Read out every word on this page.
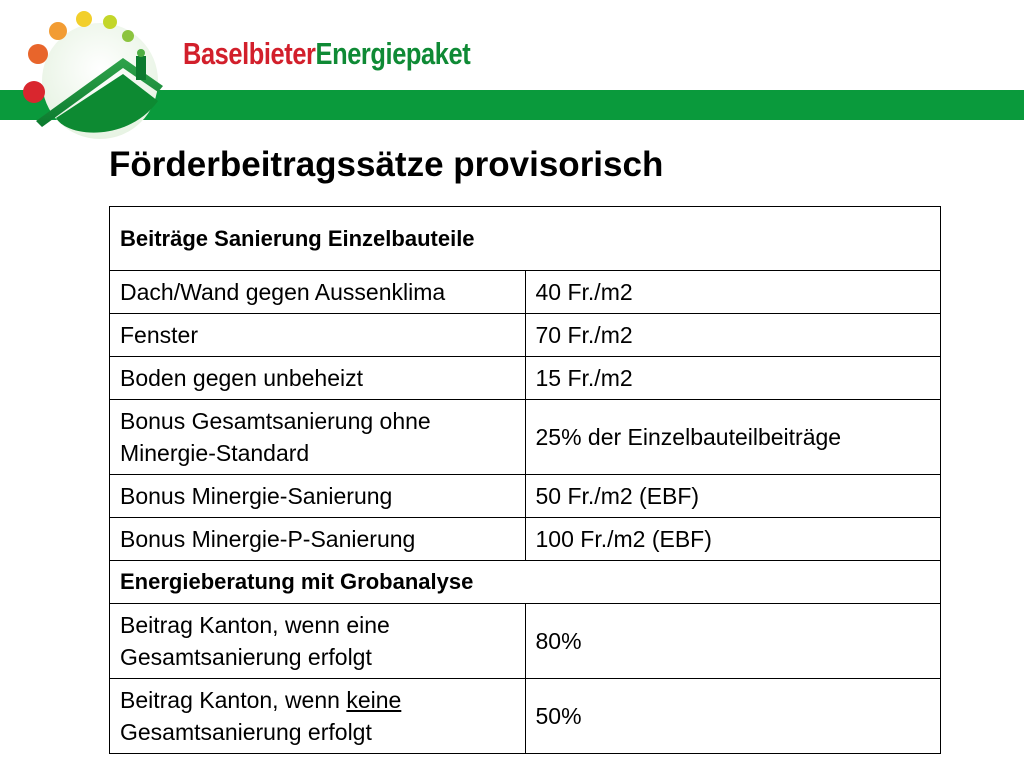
BaselbieterEnergiepaket
Förderbeitragssätze provisorisch
Beiträge Sanierung Einzelbauteile	
Dach/Wand gegen Aussenklima	40 Fr./m2
Fenster	70 Fr./m2
Boden gegen unbeheizt	15 Fr./m2
Bonus Gesamtsanierung ohne Minergie-Standard	25% der Einzelbauteilbeiträge
Bonus Minergie-Sanierung	50 Fr./m2 (EBF)
Bonus Minergie-P-Sanierung	100 Fr./m2 (EBF)
Energieberatung mit Grobanalyse	
Beitrag Kanton, wenn eine Gesamtsanierung erfolgt	80%
Beitrag Kanton, wenn keine Gesamtsanierung erfolgt	50%
